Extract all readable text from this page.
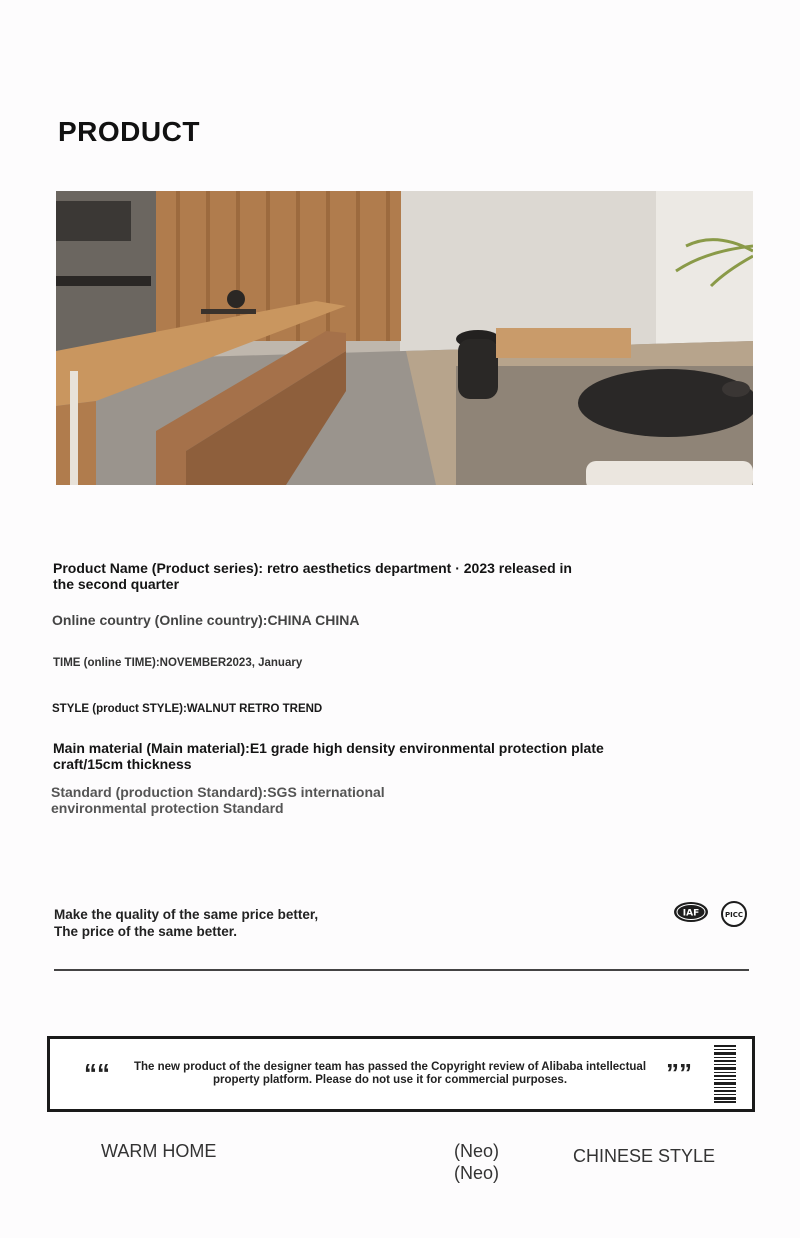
PRODUCT
Product Name (Product series): retro aesthetics department · 2023 released in the second quarter
Online country (Online country):CHINA CHINA
TIME (online TIME):NOVEMBER2023, January
STYLE (product STYLE):WALNUT RETRO TREND
Main material (Main material):E1 grade high density environmental protection plate craft/15cm thickness
Standard (production Standard):SGS international environmental protection Standard
Make the quality of the same price better,
The price of the same better.
IAF	PICC
““	The new product of the designer team has passed the Copyright review of Alibaba intellectual property platform. Please do not use it for commercial purposes.	””
WARM HOME	(Neo)
(Neo)
CHINESE STYLE
